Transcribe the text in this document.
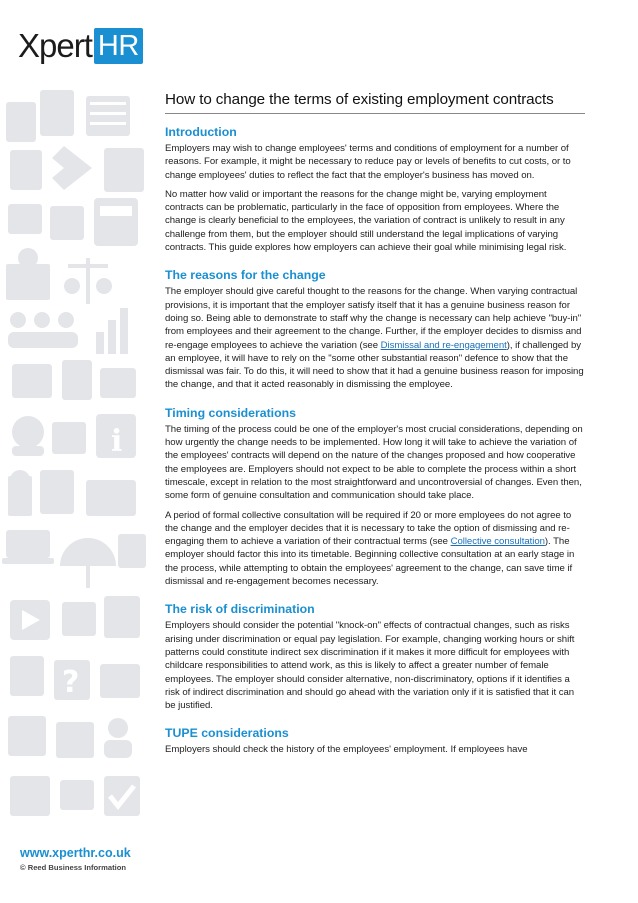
Xpert HR
i
?
How to change the terms of existing employment contracts
Introduction

Employers may wish to change employees' terms and conditions of employment for a number of reasons. For example, it might be necessary to reduce pay or levels of benefits to cut costs, or to change employees' duties to reflect the fact that the employer's business has moved on.

No matter how valid or important the reasons for the change might be, varying employment contracts can be problematic, particularly in the face of opposition from employees. Where the change is clearly beneficial to the employees, the variation of contract is unlikely to result in any challenge from them, but the employer should still understand the legal implications of varying contracts. This guide explores how employers can achieve their goal while minimising legal risk.

The reasons for the change

The employer should give careful thought to the reasons for the change. When varying contractual provisions, it is important that the employer satisfy itself that it has a genuine business reason for doing so. Being able to demonstrate to staff why the change is necessary can help achieve "buy-in" from employees and their agreement to the change. Further, if the employer decides to dismiss and re-engage employees to achieve the variation (see Dismissal and re-engagement), if challenged by an employee, it will have to rely on the "some other substantial reason" defence to show that the dismissal was fair. To do this, it will need to show that it had a genuine business reason for imposing the change, and that it acted reasonably in dismissing the employee.

Timing considerations

The timing of the process could be one of the employer's most crucial considerations, depending on how urgently the change needs to be implemented. How long it will take to achieve the variation of the employees' contracts will depend on the nature of the changes proposed and how cooperative the employees are. Employers should not expect to be able to complete the process within a short timescale, except in relation to the most straightforward and uncontroversial of changes. Even then, some form of genuine consultation and communication should take place.

A period of formal collective consultation will be required if 20 or more employees do not agree to the change and the employer decides that it is necessary to take the option of dismissing and re-engaging them to achieve a variation of their contractual terms (see Collective consultation). The employer should factor this into its timetable. Beginning collective consultation at an early stage in the process, while attempting to obtain the employees' agreement to the change, can save time if dismissal and re-engagement becomes necessary.

The risk of discrimination

Employers should consider the potential "knock-on" effects of contractual changes, such as risks arising under discrimination or equal pay legislation. For example, changing working hours or shift patterns could constitute indirect sex discrimination if it makes it more difficult for employees with childcare responsibilities to attend work, as this is likely to affect a greater number of female employees. The employer should consider alternative, non-discriminatory, options if it identifies a risk of indirect discrimination and should go ahead with the variation only if it is satisfied that it can be justified.

TUPE considerations

Employers should check the history of the employees' employment. If employees have

www.xperthr.co.uk
© Reed Business Information
